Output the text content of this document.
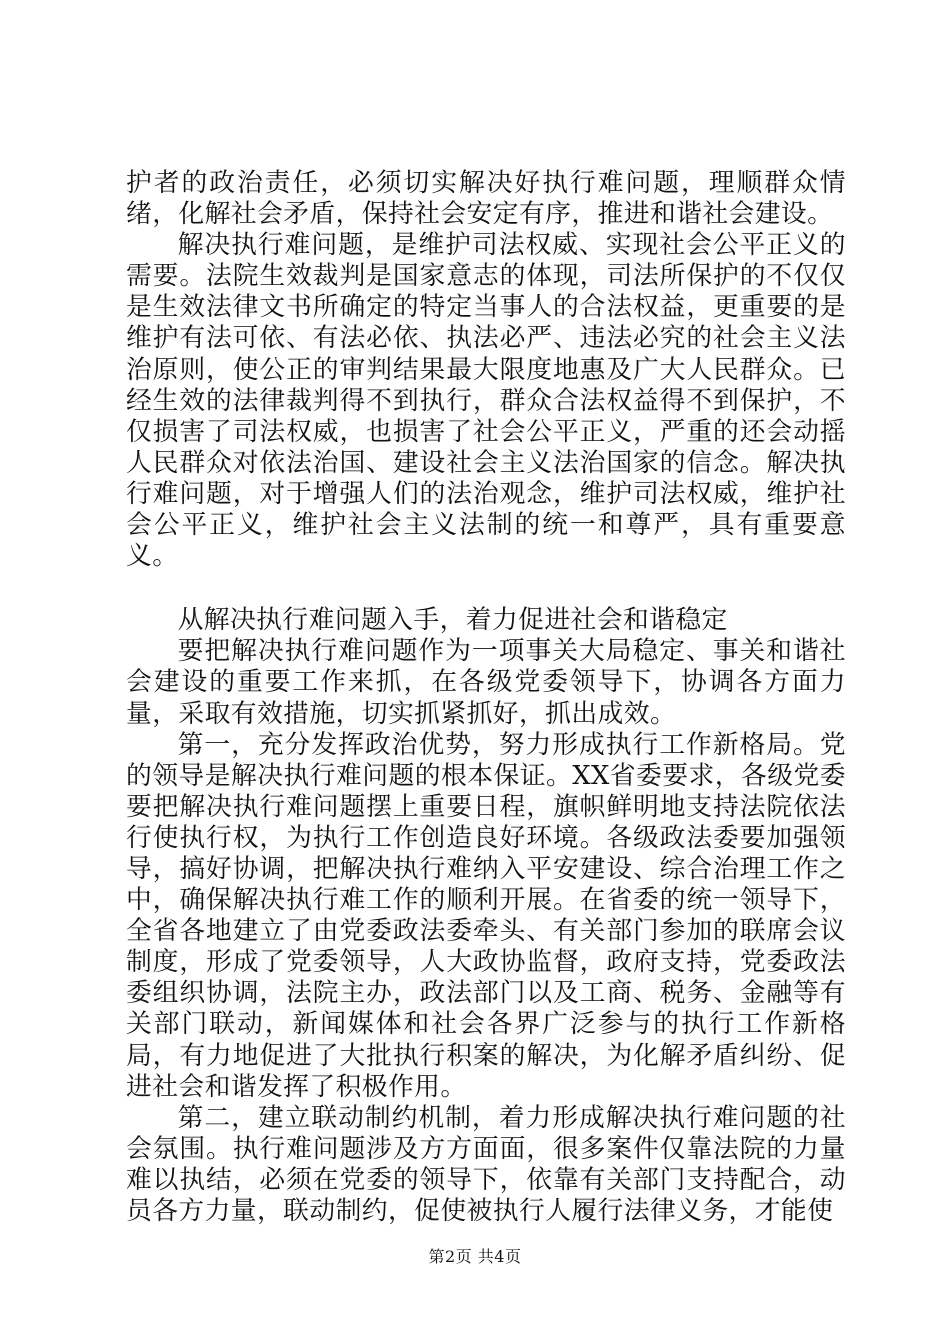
护者的政治责任，必须切实解决好执行难问题，理顺群众情绪，化解社会矛盾，保持社会安定有序，推进和谐社会建设。

解决执行难问题，是维护司法权威、实现社会公平正义的需要。法院生效裁判是国家意志的体现，司法所保护的不仅仅是生效法律文书所确定的特定当事人的合法权益，更重要的是维护有法可依、有法必依、执法必严、违法必究的社会主义法治原则，使公正的审判结果最大限度地惠及广大人民群众。已经生效的法律裁判得不到执行，群众合法权益得不到保护，不仅损害了司法权威，也损害了社会公平正义，严重的还会动摇人民群众对依法治国、建设社会主义法治国家的信念。解决执行难问题，对于增强人们的法治观念，维护司法权威，维护社会公平正义，维护社会主义法制的统一和尊严，具有重要意义。

从解决执行难问题入手，着力促进社会和谐稳定

要把解决执行难问题作为一项事关大局稳定、事关和谐社会建设的重要工作来抓，在各级党委领导下，协调各方面力量，采取有效措施，切实抓紧抓好，抓出成效。

第一，充分发挥政治优势，努力形成执行工作新格局。党的领导是解决执行难问题的根本保证。XX省委要求，各级党委要把解决执行难问题摆上重要日程，旗帜鲜明地支持法院依法行使执行权，为执行工作创造良好环境。各级政法委要加强领导，搞好协调，把解决执行难纳入平安建设、综合治理工作之中，确保解决执行难工作的顺利开展。在省委的统一领导下，全省各地建立了由党委政法委牵头、有关部门参加的联席会议制度，形成了党委领导，人大政协监督，政府支持，党委政法委组织协调，法院主办，政法部门以及工商、税务、金融等有关部门联动，新闻媒体和社会各界广泛参与的执行工作新格局，有力地促进了大批执行积案的解决，为化解矛盾纠纷、促进社会和谐发挥了积极作用。

第二，建立联动制约机制，着力形成解决执行难问题的社会氛围。执行难问题涉及方方面面，很多案件仅靠法院的力量难以执结，必须在党委的领导下，依靠有关部门支持配合，动员各方力量，联动制约，促使被执行人履行法律义务，才能使

第2页 共4页
